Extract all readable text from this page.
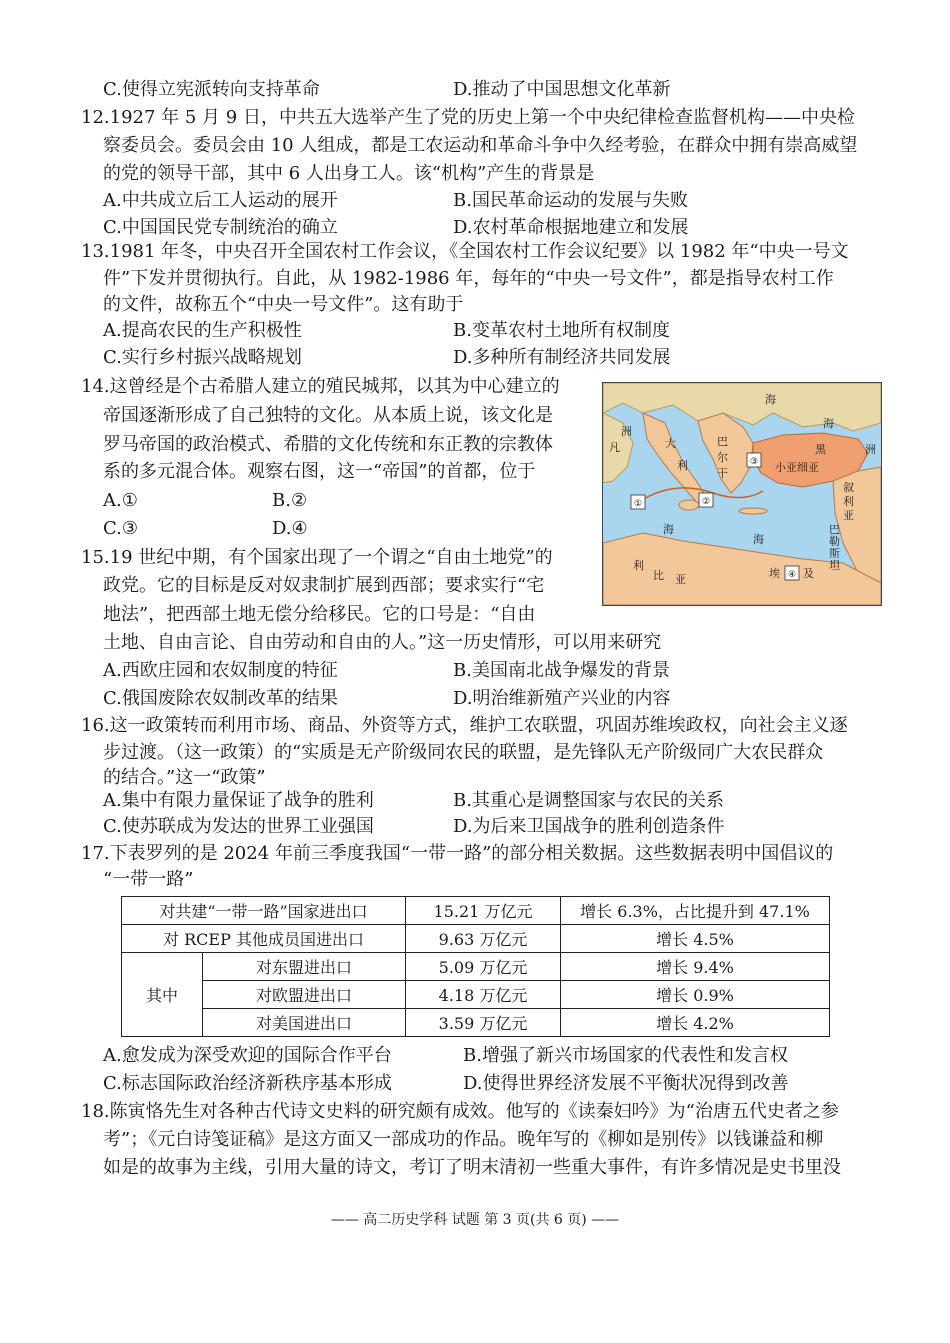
C.使得立宪派转向支持革命	D.推动了中国思想文化革新
12.1927 年 5 月 9 日，中共五大选举产生了党的历史上第一个中央纪律检查监督机构——中央检
察委员会。委员会由 10 人组成，都是工农运动和革命斗争中久经考验，在群众中拥有崇高威望
的党的领导干部，其中 6 人出身工人。该“机构”产生的背景是
A.中共成立后工人运动的展开	B.国民革命运动的发展与失败
C.中国国民党专制统治的确立	D.农村革命根据地建立和发展
13.1981 年冬，中央召开全国农村工作会议，《全国农村工作会议纪要》以 1982 年“中央一号文
件”下发并贯彻执行。自此，从 1982-1986 年，每年的“中央一号文件”，都是指导农村工作
的文件，故称五个“中央一号文件”。这有助于
A.提高农民的生产积极性	B.变革农村土地所有权制度
C.实行乡村振兴战略规划	D.多种所有制经济共同发展
14.这曾经是个古希腊人建立的殖民城邦，以其为中心建立的
帝国逐渐形成了自己独特的文化。从本质上说，该文化是
罗马帝国的政治模式、希腊的文化传统和东正教的宗教体
系的多元混合体。观察右图，这一“帝国”的首都，位于
A.①	B.②
C.③	D.④
①	②
③
④
海
海
海
洲
洲
凡	大
利
巴
尔
干	小亚细亚
黑
叙
利
亚
巴
勒
斯
坦
利
比 亚	埃 及
海
15.19 世纪中期，有个国家出现了一个谓之“自由土地党”的
政党。它的目标是反对奴隶制扩展到西部；要求实行“宅
地法”，把西部土地无偿分给移民。它的口号是：“自由
土地、自由言论、自由劳动和自由的人。”这一历史情形，可以用来研究
A.西欧庄园和农奴制度的特征	B.美国南北战争爆发的背景
C.俄国废除农奴制改革的结果	D.明治维新殖产兴业的内容
16.这一政策转而利用市场、商品、外资等方式，维护工农联盟，巩固苏维埃政权，向社会主义逐
步过渡。（这一政策）的“实质是无产阶级同农民的联盟，是先锋队无产阶级同广大农民群众
的结合。”这一“政策”
A.集中有限力量保证了战争的胜利	B.其重心是调整国家与农民的关系
C.使苏联成为发达的世界工业强国	D.为后来卫国战争的胜利创造条件
17.下表罗列的是 2024 年前三季度我国“一带一路”的部分相关数据。这些数据表明中国倡议的
“一带一路”
对共建“一带一路”国家进出口		15.21 万亿元	增长 6.3%，占比提升到 47.1%
对 RCEP 其他成员国进出口		9.63 万亿元	增长 4.5%
其中	对东盟进出口	5.09 万亿元	增长 9.4%
	对欧盟进出口	4.18 万亿元	增长 0.9%
	对美国进出口	3.59 万亿元	增长 4.2%
A.愈发成为深受欢迎的国际合作平台	B.增强了新兴市场国家的代表性和发言权
C.标志国际政治经济新秩序基本形成	D.使得世界经济发展不平衡状况得到改善
18.陈寅恪先生对各种古代诗文史料的研究颇有成效。他写的《读秦妇吟》为“治唐五代史者之参
考”；《元白诗笺证稿》是这方面又一部成功的作品。晚年写的《柳如是别传》以钱谦益和柳
如是的故事为主线，引用大量的诗文，考订了明末清初一些重大事件，有许多情况是史书里没
—— 高二历史学科 试题 第 3 页(共 6 页) ——
